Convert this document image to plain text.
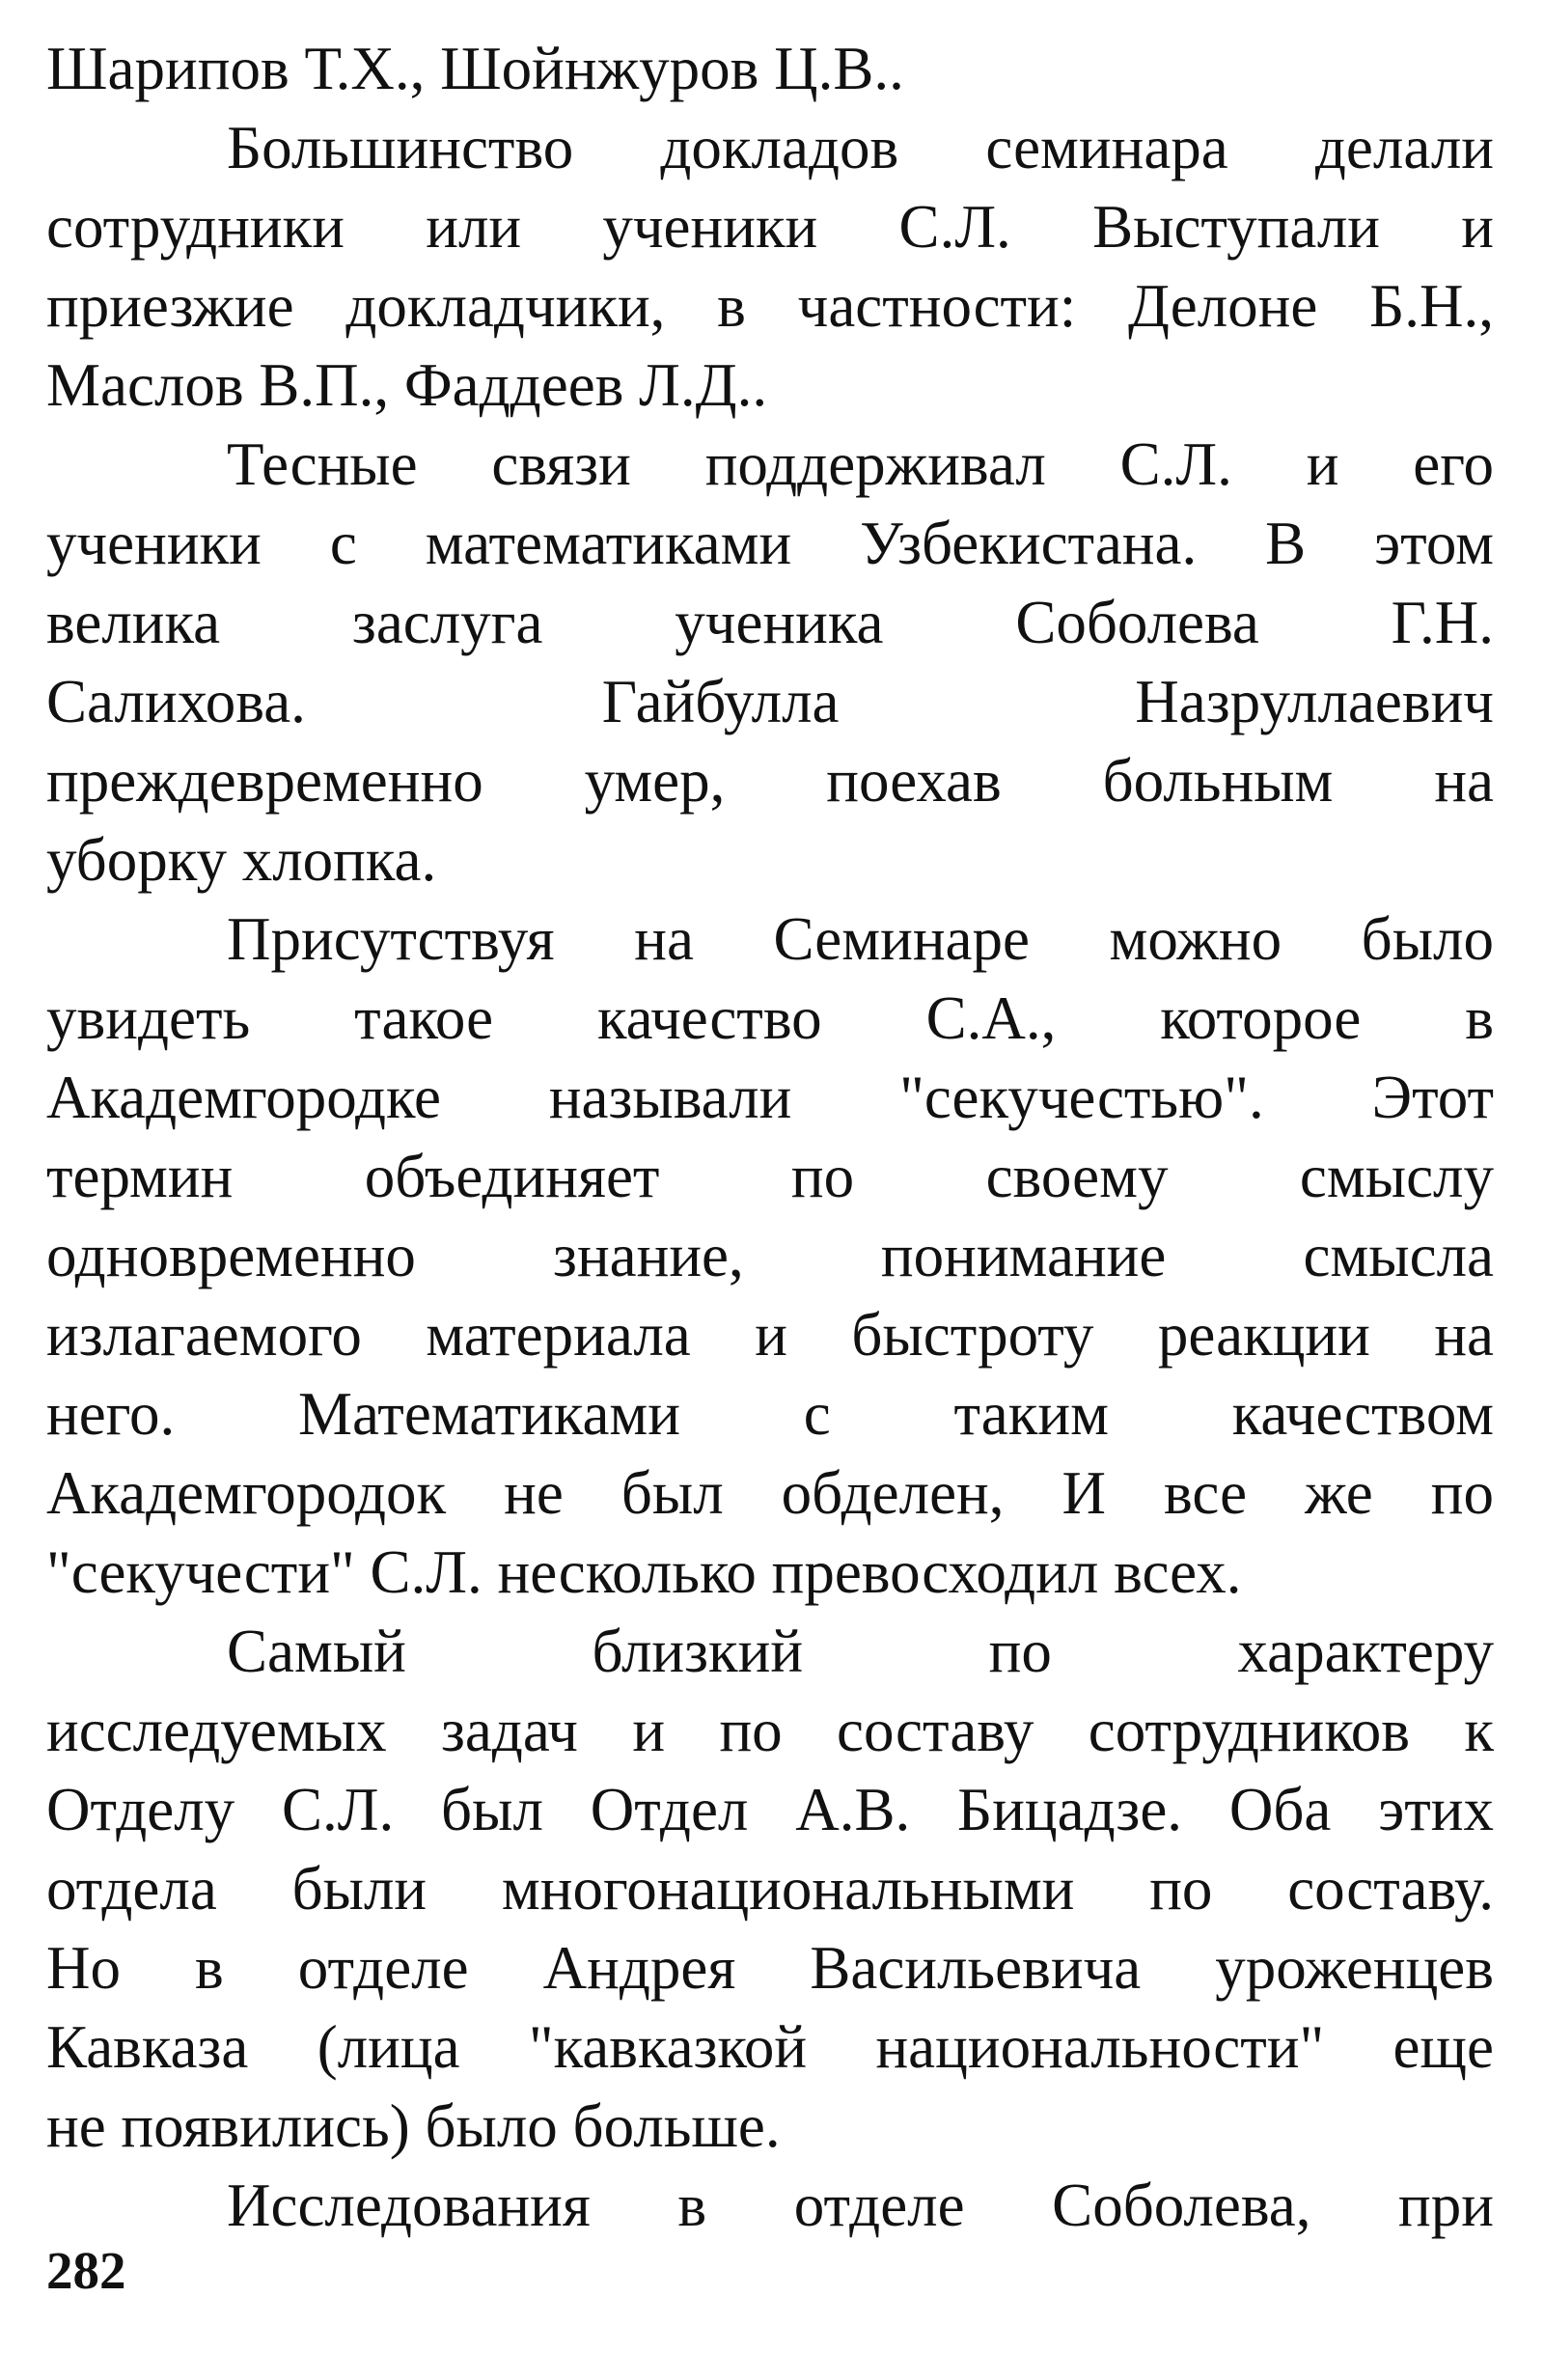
Шарипов Т.Х., Шойнжуров Ц.В..
Большинство докладов семинара делали
сотрудники или ученики С.Л. Выступали и
приезжие докладчики, в частности: Делоне Б.Н.,
Маслов В.П., Фаддеев Л.Д..
Тесные связи поддерживал С.Л. и его
ученики с математиками Узбекистана. В этом
велика заслуга ученика Соболева Г.Н.
Салихова. Гайбулла Назруллаевич
преждевременно умер, поехав больным на
уборку хлопка.
Присутствуя на Семинаре можно было
увидеть такое качество С.А., которое в
Академгородке называли "секучестью". Этот
термин объединяет по своему смыслу
одновременно знание, понимание смысла
излагаемого материала и быстроту реакции на
него. Математиками с таким качеством
Академгородок не был обделен, И все же по
"секучести" С.Л. несколько превосходил всех.
Самый близкий по характеру
исследуемых задач и по составу сотрудников к
Отделу С.Л. был Отдел А.В. Бицадзе. Оба этих
отдела были многонациональными по составу.
Но в отделе Андрея Васильевича уроженцев
Кавказа (лица "кавказкой национальности" еще
не появились) было больше.
Исследования в отделе Соболева, при
282
